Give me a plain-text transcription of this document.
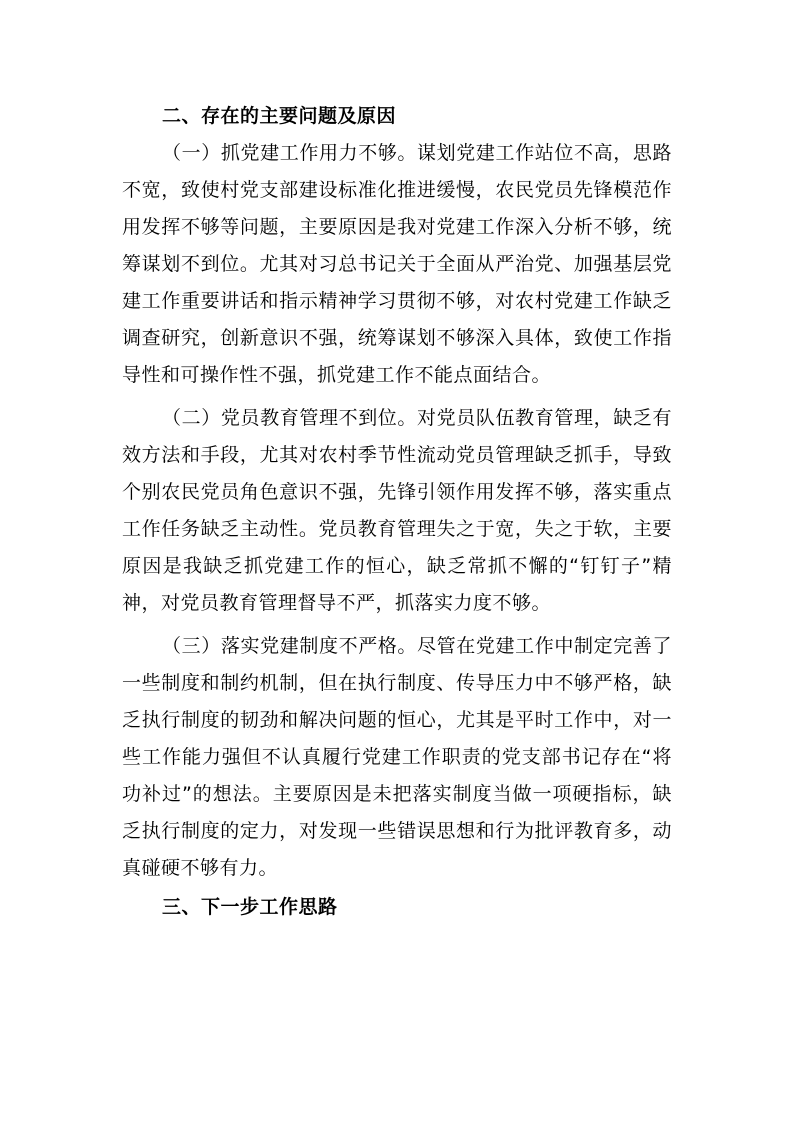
二、存在的主要问题及原因

（一）抓党建工作用力不够。谋划党建工作站位不高，思路不宽，致使村党支部建设标准化推进缓慢，农民党员先锋模范作用发挥不够等问题，主要原因是我对党建工作深入分析不够，统筹谋划不到位。尤其对习总书记关于全面从严治党、加强基层党建工作重要讲话和指示精神学习贯彻不够，对农村党建工作缺乏调查研究，创新意识不强，统筹谋划不够深入具体，致使工作指导性和可操作性不强，抓党建工作不能点面结合。

（二）党员教育管理不到位。对党员队伍教育管理，缺乏有效方法和手段，尤其对农村季节性流动党员管理缺乏抓手，导致个别农民党员角色意识不强，先锋引领作用发挥不够，落实重点工作任务缺乏主动性。党员教育管理失之于宽，失之于软，主要原因是我缺乏抓党建工作的恒心，缺乏常抓不懈的“钉钉子”精神，对党员教育管理督导不严，抓落实力度不够。

（三）落实党建制度不严格。尽管在党建工作中制定完善了一些制度和制约机制，但在执行制度、传导压力中不够严格，缺乏执行制度的韧劲和解决问题的恒心，尤其是平时工作中，对一些工作能力强但不认真履行党建工作职责的党支部书记存在“将功补过”的想法。主要原因是未把落实制度当做一项硬指标，缺乏执行制度的定力，对发现一些错误思想和行为批评教育多，动真碰硬不够有力。

三、下一步工作思路
